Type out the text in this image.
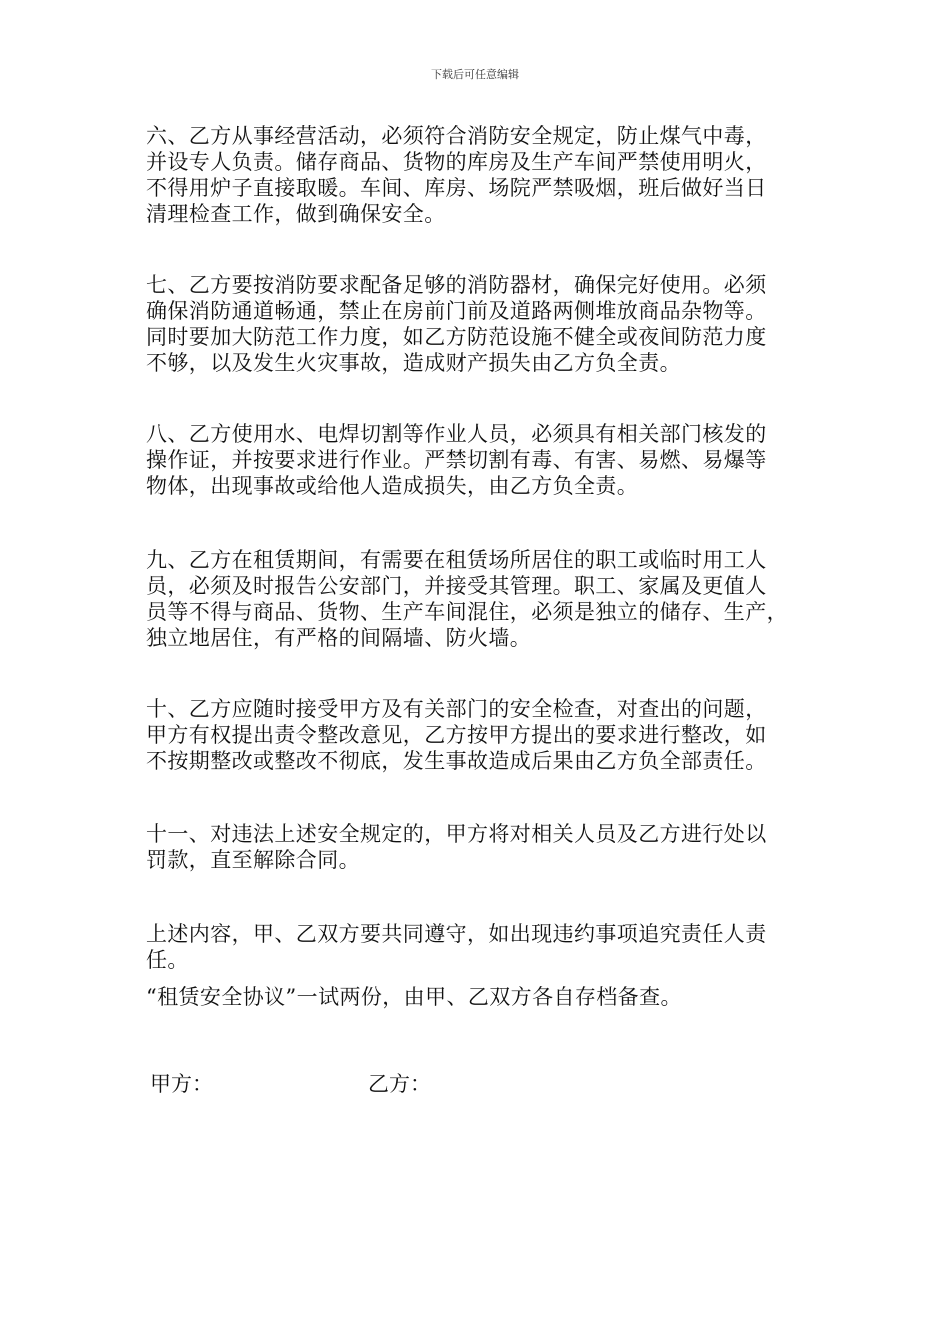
下载后可任意编辑
六、乙方从事经营活动，必须符合消防安全规定，防止煤气中毒，
并设专人负责。储存商品、货物的库房及生产车间严禁使用明火，
不得用炉子直接取暖。车间、库房、场院严禁吸烟，班后做好当日
清理检查工作，做到确保安全。
七、乙方要按消防要求配备足够的消防器材，确保完好使用。必须
确保消防通道畅通，禁止在房前门前及道路两侧堆放商品杂物等。
同时要加大防范工作力度，如乙方防范设施不健全或夜间防范力度
不够，以及发生火灾事故，造成财产损失由乙方负全责。
八、乙方使用水、电焊切割等作业人员，必须具有相关部门核发的
操作证，并按要求进行作业。严禁切割有毒、有害、易燃、易爆等
物体，出现事故或给他人造成损失，由乙方负全责。
九、乙方在租赁期间，有需要在租赁场所居住的职工或临时用工人
员，必须及时报告公安部门，并接受其管理。职工、家属及更值人
员等不得与商品、货物、生产车间混住，必须是独立的储存、生产，
独立地居住，有严格的间隔墙、防火墙。
十、乙方应随时接受甲方及有关部门的安全检查，对查出的问题，
甲方有权提出责令整改意见，乙方按甲方提出的要求进行整改，如
不按期整改或整改不彻底，发生事故造成后果由乙方负全部责任。
十一、对违法上述安全规定的，甲方将对相关人员及乙方进行处以
罚款，直至解除合同。
上述内容，甲、乙双方要共同遵守，如出现违约事项追究责任人责
任。
“租赁安全协议”一试两份，由甲、乙双方各自存档备查。
甲方：	乙方：
